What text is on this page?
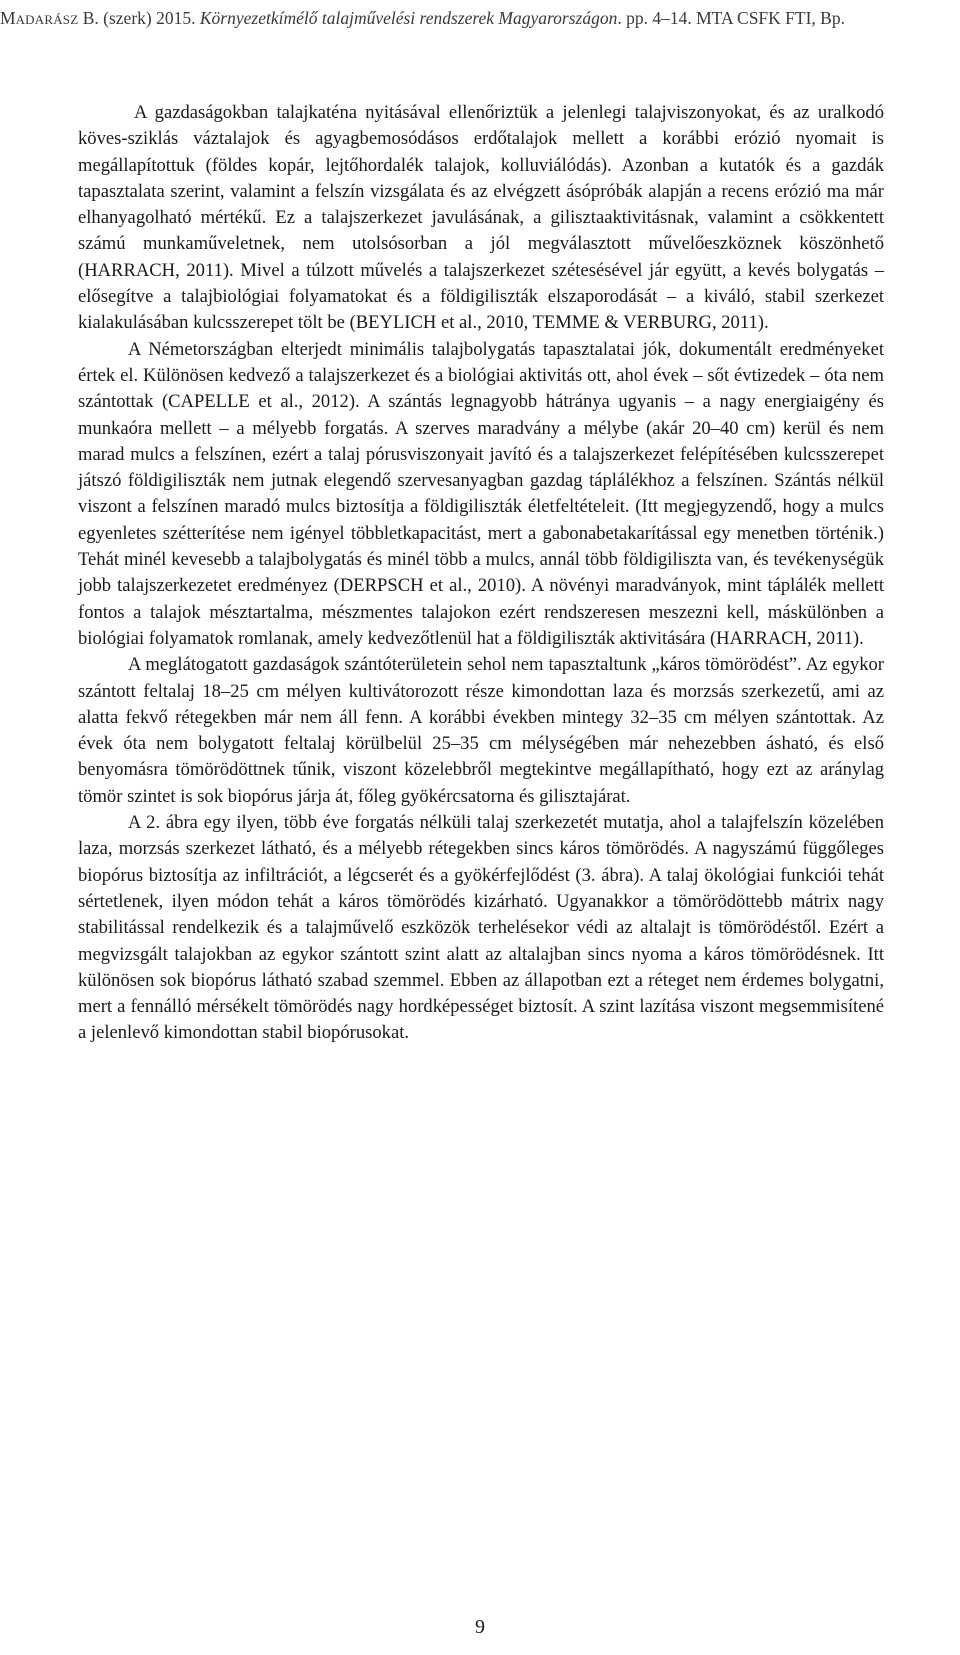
MADARÁSZ B. (szerk) 2015. Környezetkímélő talajművelési rendszerek Magyarországon. pp. 4–14. MTA CSFK FTI, Bp.

A gazdaságokban talajkaténa nyitásával ellenőriztük a jelenlegi talajviszonyokat, és az uralkodó köves-sziklás váztalajok és agyagbemosódásos erdőtalajok mellett a korábbi erózió nyomait is megállapítottuk (földes kopár, lejtőhordalék talajok, kolluviálódás). Azonban a kutatók és a gazdák tapasztalata szerint, valamint a felszín vizsgálata és az elvégzett ásópróbák alapján a recens erózió ma már elhanyagolható mértékű. Ez a talajszerkezet javulásának, a gilisztaaktivitásnak, valamint a csökkentett számú munkaműveletnek, nem utolsósorban a jól megválasztott művelőeszköznek köszönhető (HARRACH, 2011). Mivel a túlzott művelés a talajszerkezet szétesésével jár együtt, a kevés bolygatás – elősegítve a talajbiológiai folyamatokat és a földigiliszták elszaporodását – a kiváló, stabil szerkezet kialakulásában kulcsszerepet tölt be (BEYLICH et al., 2010, TEMME & VERBURG, 2011).

A Németországban elterjedt minimális talajbolygatás tapasztalatai jók, dokumentált eredményeket értek el. Különösen kedvező a talajszerkezet és a biológiai aktivitás ott, ahol évek – sőt évtizedek – óta nem szántottak (CAPELLE et al., 2012). A szántás legnagyobb hátránya ugyanis – a nagy energiaigény és munkaóra mellett – a mélyebb forgatás. A szerves maradvány a mélybe (akár 20–40 cm) kerül és nem marad mulcs a felszínen, ezért a talaj pórusviszonyait javító és a talajszerkezet felépítésében kulcsszerepet játszó földigiliszták nem jutnak elegendő szervesanyagban gazdag táplálékhoz a felszínen. Szántás nélkül viszont a felszínen maradó mulcs biztosítja a földigiliszták életfeltételeit. (Itt megjegyzendő, hogy a mulcs egyenletes szétterítése nem igényel többletkapacitást, mert a gabonabetakarítással egy menetben történik.) Tehát minél kevesebb a talajbolygatás és minél több a mulcs, annál több földigiliszta van, és tevékenységük jobb talajszerkezetet eredményez (DERPSCH et al., 2010). A növényi maradványok, mint táplálék mellett fontos a talajok mésztartalma, mészmentes talajokon ezért rendszeresen meszezni kell, máskülönben a biológiai folyamatok romlanak, amely kedvezőtlenül hat a földigiliszták aktivitására (HARRACH, 2011).

A meglátogatott gazdaságok szántóterületein sehol nem tapasztaltunk „káros tömörödést”. Az egykor szántott feltalaj 18–25 cm mélyen kultivátorozott része kimondottan laza és morzsás szerkezetű, ami az alatta fekvő rétegekben már nem áll fenn. A korábbi években mintegy 32–35 cm mélyen szántottak. Az évek óta nem bolygatott feltalaj körülbelül 25–35 cm mélységében már nehezebben ásható, és első benyomásra tömörödöttnek tűnik, viszont közelebbről megtekintve megállapítható, hogy ezt az aránylag tömör szintet is sok biopórus járja át, főleg gyökércsatorna és gilisztajárat.

A 2. ábra egy ilyen, több éve forgatás nélküli talaj szerkezetét mutatja, ahol a talajfelszín közelében laza, morzsás szerkezet látható, és a mélyebb rétegekben sincs káros tömörödés. A nagyszámú függőleges biopórus biztosítja az infiltrációt, a légcserét és a gyökérfejlődést (3. ábra). A talaj ökológiai funkciói tehát sértetlenek, ilyen módon tehát a káros tömörödés kizárható. Ugyanakkor a tömörödöttebb mátrix nagy stabilitással rendelkezik és a talajművelő eszközök terhelésekor védi az altalajt is tömörödéstől. Ezért a megvizsgált talajokban az egykor szántott szint alatt az altalajban sincs nyoma a káros tömörödésnek. Itt különösen sok biopórus látható szabad szemmel. Ebben az állapotban ezt a réteget nem érdemes bolygatni, mert a fennálló mérsékelt tömörödés nagy hordképességet biztosít. A szint lazítása viszont megsemmisítené a jelenlevő kimondottan stabil biopórusokat.

9
